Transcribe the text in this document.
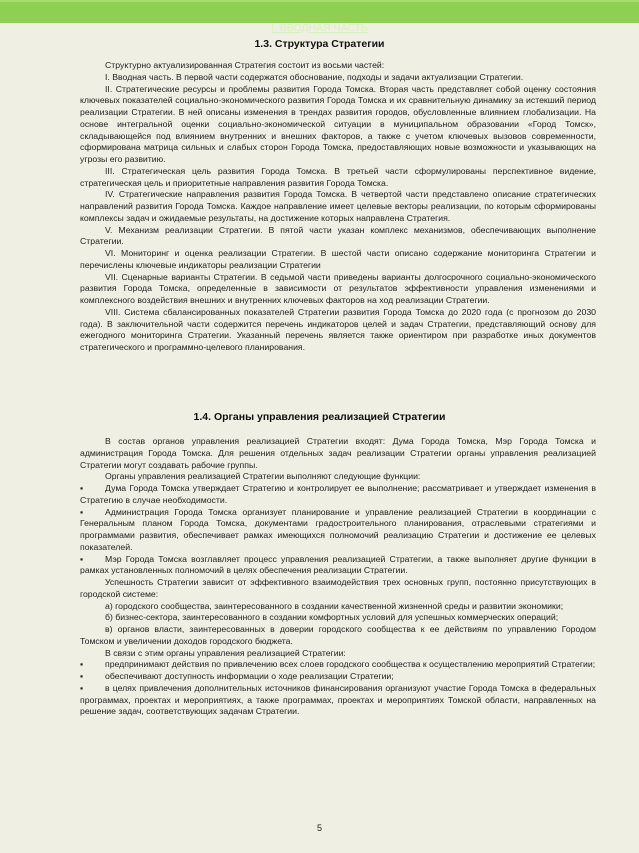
I. ВВОДНАЯ ЧАСТЬ
1.3. Структура Стратегии

Структурно актуализированная Стратегия состоит из восьми частей:

I. Вводная часть. В первой части содержатся обоснование, подходы и задачи актуализации Стратегии.

II. Стратегические ресурсы и проблемы развития Города Томска. Вторая часть представляет собой оценку состояния ключевых показателей социально-экономического развития Города Томска и их сравнительную динамику за истекший период реализации Стратегии. В ней описаны изменения в трендах развития городов, обусловленные влиянием глобализации. На основе интегральной оценки социально-экономической ситуации в муниципальном образовании «Город Томск», складывающейся под влиянием внутренних и внешних факторов, а также с учетом ключевых вызовов современности, сформирована матрица сильных и слабых сторон Города Томска, предоставляющих новые возможности и указывающих на угрозы его развитию.

III. Стратегическая цель развития Города Томска. В третьей части сформулированы перспективное видение, стратегическая цель и приоритетные направления развития Города Томска.

IV. Стратегические направления развития Города Томска. В четвертой части представлено описание стратегических направлений развития Города Томска. Каждое направление имеет целевые векторы реализации, по которым сформированы комплексы задач и ожидаемые результаты, на достижение которых направлена Стратегия.

V. Механизм реализации Стратегии. В пятой части указан комплекс механизмов, обеспечивающих выполнение Стратегии.

VI. Мониторинг и оценка реализации Стратегии. В шестой части описано содержание мониторинга Стратегии и перечислены ключевые индикаторы реализации Стратегии

VII. Сценарные варианты Стратегии. В седьмой части приведены варианты долгосрочного социально-экономического развития Города Томска, определенные в зависимости от результатов эффективности управления изменениями и комплексного воздействия внешних и внутренних ключевых факторов на ход реализации Стратегии.

VIII. Система сбалансированных показателей Стратегии развития Города Томска до 2020 года (с прогнозом до 2030 года). В заключительной части содержится перечень индикаторов целей и задач Стратегии, представляющий основу для ежегодного мониторинга Стратегии. Указанный перечень является также ориентиром при разработке иных документов стратегического и программно-целевого планирования.

1.4. Органы управления реализацией Стратегии

В состав органов управления реализацией Стратегии входят: Дума Города Томска, Мэр Города Томска и администрация Города Томска. Для решения отдельных задач реализации Стратегии органы управления реализацией Стратегии могут создавать рабочие группы.

Органы управления реализацией Стратегии выполняют следующие функции:

▪	Дума Города Томска утверждает Стратегию и контролирует ее выполнение; рассматривает и утверждает изменения в Стратегию в случае необходимости.

▪	Администрация Города Томска организует планирование и управление реализацией Стратегии в координации с Генеральным планом Города Томска, документами градостроительного планирования, отраслевыми стратегиями и программами развития, обеспечивает рамках имеющихся полномочий реализацию Стратегии и достижение ее целевых показателей.

▪	Мэр Города Томска возглавляет процесс управления реализацией Стратегии, а также выполняет другие функции в рамках установленных полномочий в целях обеспечения реализации Стратегии.

Успешность Стратегии зависит от эффективного взаимодействия трех основных групп, постоянно присутствующих в городской системе:

а) городского сообщества, заинтересованного в создании качественной жизненной среды и развитии экономики;

б) бизнес-сектора, заинтересованного в создании комфортных условий для успешных коммерческих операций;

в) органов власти, заинтересованных в доверии городского сообщества к ее действиям по управлению Городом Томском и увеличении доходов городского бюджета.

В связи с этим органы управления реализацией Стратегии:

▪	предпринимают действия по привлечению всех слоев городского сообщества к осуществлению мероприятий Стратегии;

▪	обеспечивают доступность информации о ходе реализации Стратегии;

▪	в целях привлечения дополнительных источников финансирования организуют участие Города Томска в федеральных программах, проектах и мероприятиях, а также программах, проектах и мероприятиях Томской области, направленных на решение задач, соответствующих задачам Стратегии.

5
